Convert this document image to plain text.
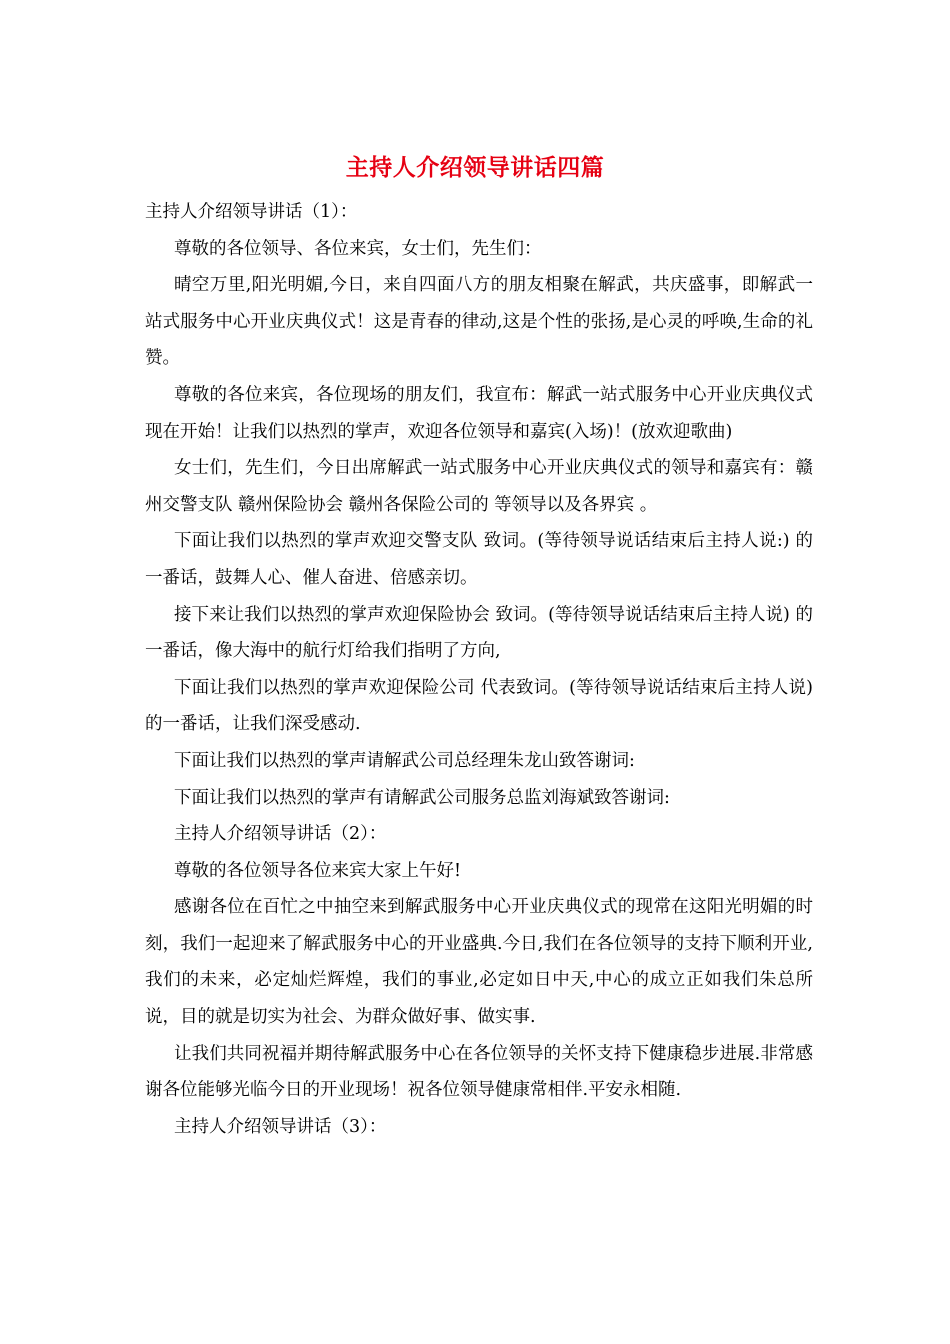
主持人介绍领导讲话四篇

主持人介绍领导讲话（1）：

尊敬的各位领导、各位来宾，女士们，先生们：

晴空万里,阳光明媚,今日，来自四面八方的朋友相聚在解武，共庆盛事，即解武一站式服务中心开业庆典仪式！这是青春的律动,这是个性的张扬,是心灵的呼唤,生命的礼赞。

尊敬的各位来宾，各位现场的朋友们，我宣布：解武一站式服务中心开业庆典仪式现在开始！让我们以热烈的掌声，欢迎各位领导和嘉宾(入场)！(放欢迎歌曲)

女士们，先生们，今日出席解武一站式服务中心开业庆典仪式的领导和嘉宾有：赣州交警支队 赣州保险协会 赣州各保险公司的 等领导以及各界宾 。

下面让我们以热烈的掌声欢迎交警支队 致词。(等待领导说话结束后主持人说:) 的一番话，鼓舞人心、催人奋进、倍感亲切。

接下来让我们以热烈的掌声欢迎保险协会 致词。(等待领导说话结束后主持人说) 的一番话，像大海中的航行灯给我们指明了方向,

下面让我们以热烈的掌声欢迎保险公司 代表致词。(等待领导说话结束后主持人说) 的一番话，让我们深受感动.

下面让我们以热烈的掌声请解武公司总经理朱龙山致答谢词:

下面让我们以热烈的掌声有请解武公司服务总监刘海斌致答谢词:

主持人介绍领导讲话（2）：

尊敬的各位领导各位来宾大家上午好!

感谢各位在百忙之中抽空来到解武服务中心开业庆典仪式的现常在这阳光明媚的时刻，我们一起迎来了解武服务中心的开业盛典.今日,我们在各位领导的支持下顺利开业,我们的未来，必定灿烂辉煌，我们的事业,必定如日中天,中心的成立正如我们朱总所说，目的就是切实为社会、为群众做好事、做实事.

让我们共同祝福并期待解武服务中心在各位领导的关怀支持下健康稳步进展.非常感谢各位能够光临今日的开业现场！祝各位领导健康常相伴.平安永相随.

主持人介绍领导讲话（3）：
